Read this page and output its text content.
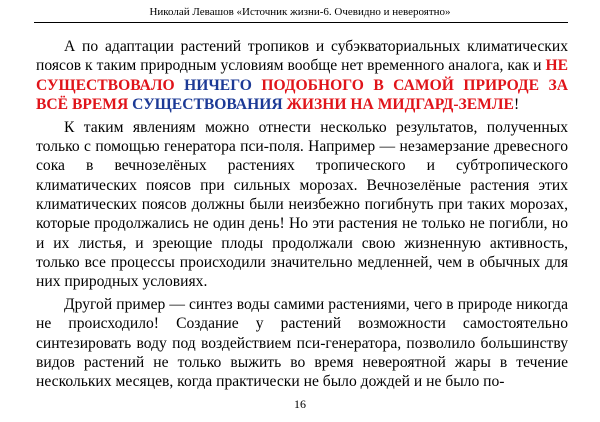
Николай Левашов «Источник жизни-6. Очевидно и невероятно»

А по адаптации растений тропиков и субэкваториальных климатических поясов к таким природным условиям вообще нет временного аналога, как и НЕ СУЩЕСТВОВАЛО НИЧЕГО ПОДОБНОГО В САМОЙ ПРИРОДЕ ЗА ВСЁ ВРЕМЯ СУЩЕСТВОВАНИЯ ЖИЗНИ НА МИДГАРД-ЗЕМЛЕ!

К таким явлениям можно отнести несколько результатов, полученных только с помощью генератора пси-поля. Например — незамерзание древесного сока в вечнозелёных растениях тропического и субтропического климатических поясов при сильных морозах. Вечнозелёные растения этих климатических поясов должны были неизбежно погибнуть при таких морозах, которые продолжались не один день! Но эти растения не только не погибли, но и их листья, и зреющие плоды продолжали свою жизненную активность, только все процессы происходили значительно медленней, чем в обычных для них природных условиях.

Другой пример — синтез воды самими растениями, чего в природе никогда не происходило! Создание у растений возможности самостоятельно синтезировать воду под воздействием пси-генератора, позволило большинству видов растений не только выжить во время невероятной жары в течение нескольких месяцев, когда практически не было дождей и не было по-

16
